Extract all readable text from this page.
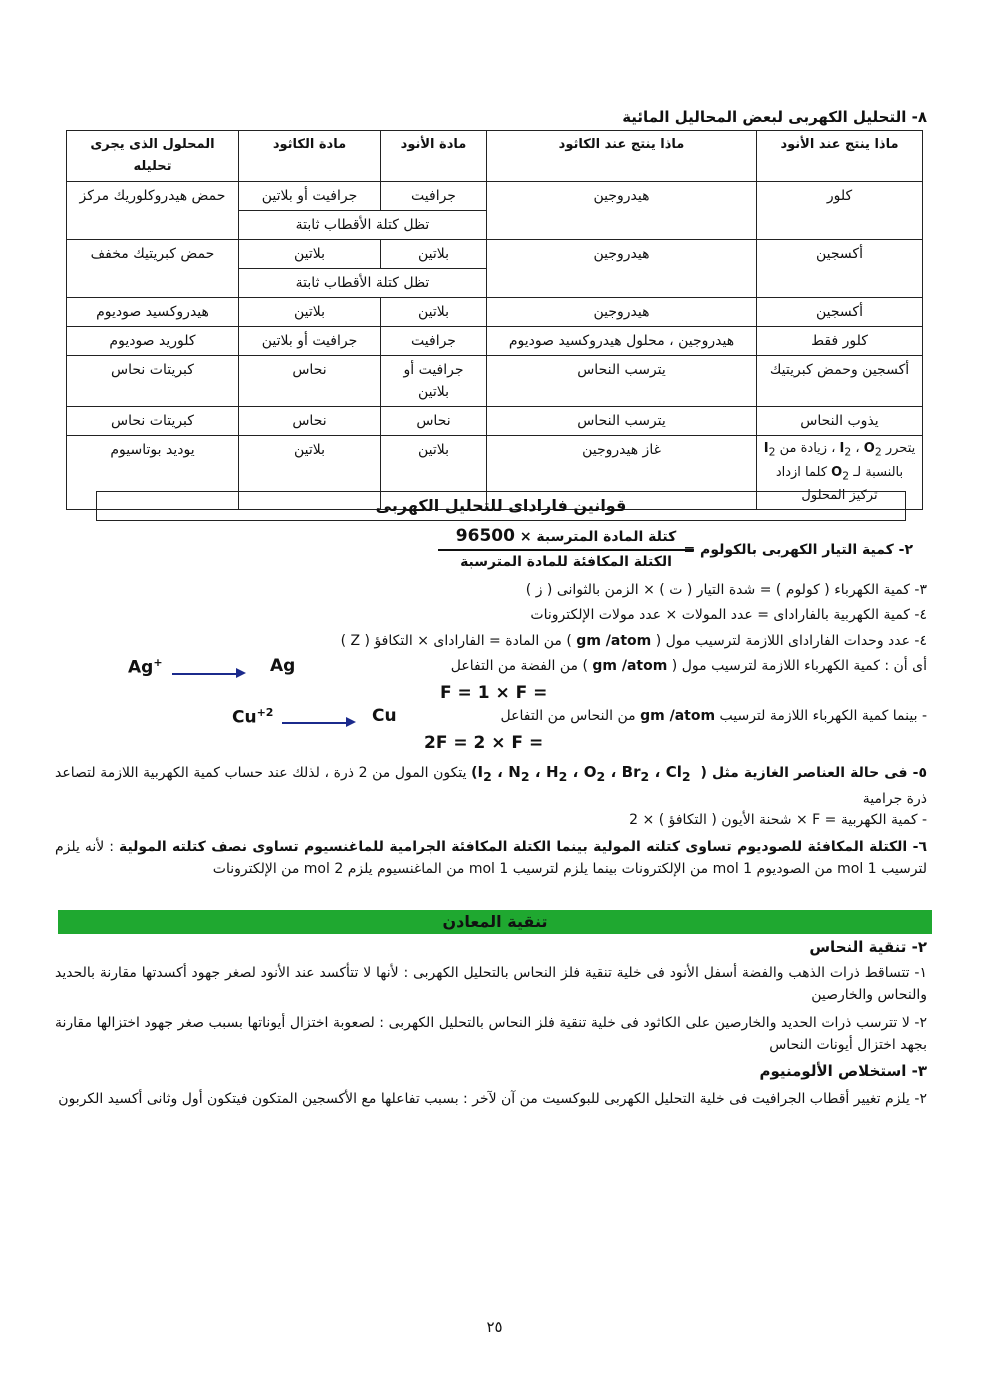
٨- التحليل الكهربى لبعض المحاليل المائية
ماذا ينتج عند الأنود	ماذا ينتج عند الكاثود	مادة الأنود	مادة الكاثود	المحلول الذى يجرى تحليله
كلور	هيدروجين	جرافيت	جرافيت أو بلاتين	حمض هيدروكلوريك مركز
		تظل كتلة الأقطاب ثابتة		
أكسجين	هيدروجين	بلاتين	بلاتين	حمض كبريتيك مخفف
		تظل كتلة الأقطاب ثابتة		
أكسجين	هيدروجين	بلاتين	بلاتين	هيدروكسيد صوديوم
كلور فقط	هيدروجين ، محلول هيدروكسيد صوديوم	جرافيت	جرافيت أو بلاتين	كلوريد صوديوم
أكسجين وحمض كبريتيك	يترسب النحاس	جرافيت أو بلاتين	نحاس	كبريتات نحاس
يذوب النحاس	يترسب النحاس	نحاس	نحاس	كبريتات نحاس
يتحرر $O_2$ ، $I_2$ ، زيادة من $I_2$ بالنسبة لـ $O_2$ كلما ازداد تركيز المحلول	غاز هيدروجين	بلاتين	بلاتين	يوديد بوتاسيوم
قوانين فاراداى للتحليل الكهربى
٢- كمية التيار الكهربى بالكولوم =
كتلة المادة المترسبة × 96500
الكتلة المكافئة للمادة المترسبة
٣- كمية الكهرباء ( كولوم ) = شدة التيار ( ت ) × الزمن بالثوانى ( ز )
٤- كمية الكهربية بالفاراداى = عدد المولات × عدد مولات الإلكترونات
٤- عدد وحدات الفاراداى اللازمة لترسيب مول ( gm /atom ) من المادة = الفاراداى × التكافؤ ( Z )
أى أن : كمية الكهرباء اللازمة لترسيب مول ( gm /atom ) من الفضة من التفاعل
Ag
Ag+
F = 1 × F =
- بينما كمية الكهرباء اللازمة لترسيب gm /atom من النحاس من التفاعل
Cu
$Cu^{+2}$
2F = 2 × F =
٥- فى حالة العناصر الغازية مثل ( $I_2$ ، $N_2$ ، $H_2$ ، $O_2$ ، $Br_2$ ، $Cl_2$ ) يتكون المول من 2 ذرة ، لذلك عند حساب كمية الكهربية اللازمة لتصاعد ذرة جرامية
- كمية الكهربية = F × شحنة الأيون ( التكافؤ ) × 2
٦- الكتلة المكافئة للصوديوم تساوى كتلته المولية بينما الكتلة المكافئة الجرامية للماغنسيوم تساوى نصف كتلته المولية : لأنه يلزم لترسيب 1 mol من الصوديوم 1 mol من الإلكترونات بينما يلزم لترسيب 1 mol من الماغنسيوم يلزم 2 mol من الإلكترونات
تنقية المعادن
٢- تنقية النحاس
١- تتساقط ذرات الذهب والفضة أسفل الأنود فى خلية تنقية فلز النحاس بالتحليل الكهربى : لأنها لا تتأكسد عند الأنود لصغر جهود أكسدتها مقارنة بالحديد والنحاس والخارصين
٢- لا تترسب ذرات الحديد والخارصين على الكاثود فى خلية تنقية فلز النحاس بالتحليل الكهربى : لصعوبة اختزال أيوناتها بسبب صغر جهود اختزالها مقارنة بجهد اختزال أيونات النحاس
٣- استخلاص الألومنيوم
٢- يلزم تغيير أقطاب الجرافيت فى خلية التحليل الكهربى للبوكسيت من آن لآخر : بسبب تفاعلها مع الأكسجين المتكون فيتكون أول وثانى أكسيد الكربون
٢٥
